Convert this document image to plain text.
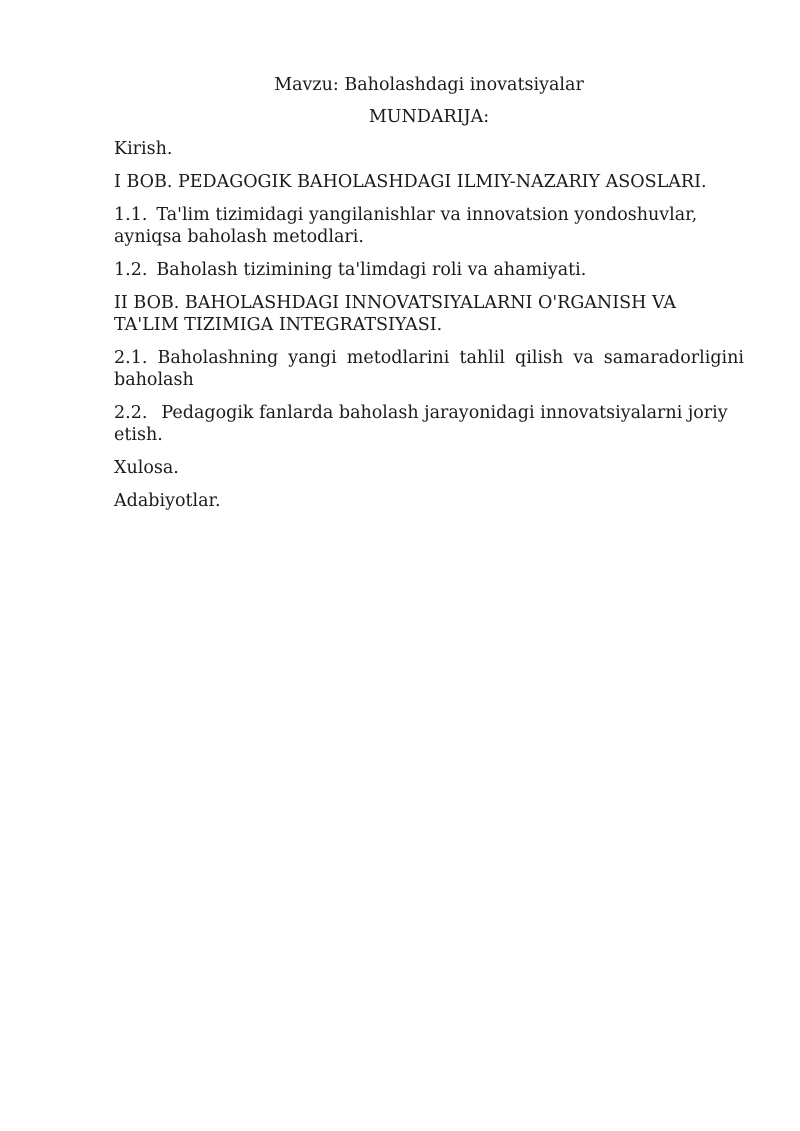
Mavzu: Baholashdagi inovatsiyalar

MUNDARIJA:

Kirish.

I BOB. PEDAGOGIK BAHOLASHDAGI ILMIY-NAZARIY ASOSLARI.

1.1. Ta'lim tizimidagi yangilanishlar va innovatsion yondoshuvlar, ayniqsa baholash metodlari.

1.2. Baholash tizimining ta'limdagi roli va ahamiyati.

II BOB. BAHOLASHDAGI INNOVATSIYALARNI O'RGANISH VA TA'LIM TIZIMIGA INTEGRATSIYASI.

2.1. Baholashning yangi metodlarini tahlil qilish va samaradorligini baholash

2.2. Pedagogik fanlarda baholash jarayonidagi innovatsiyalarni joriy etish.

Xulosa.

Adabiyotlar.
